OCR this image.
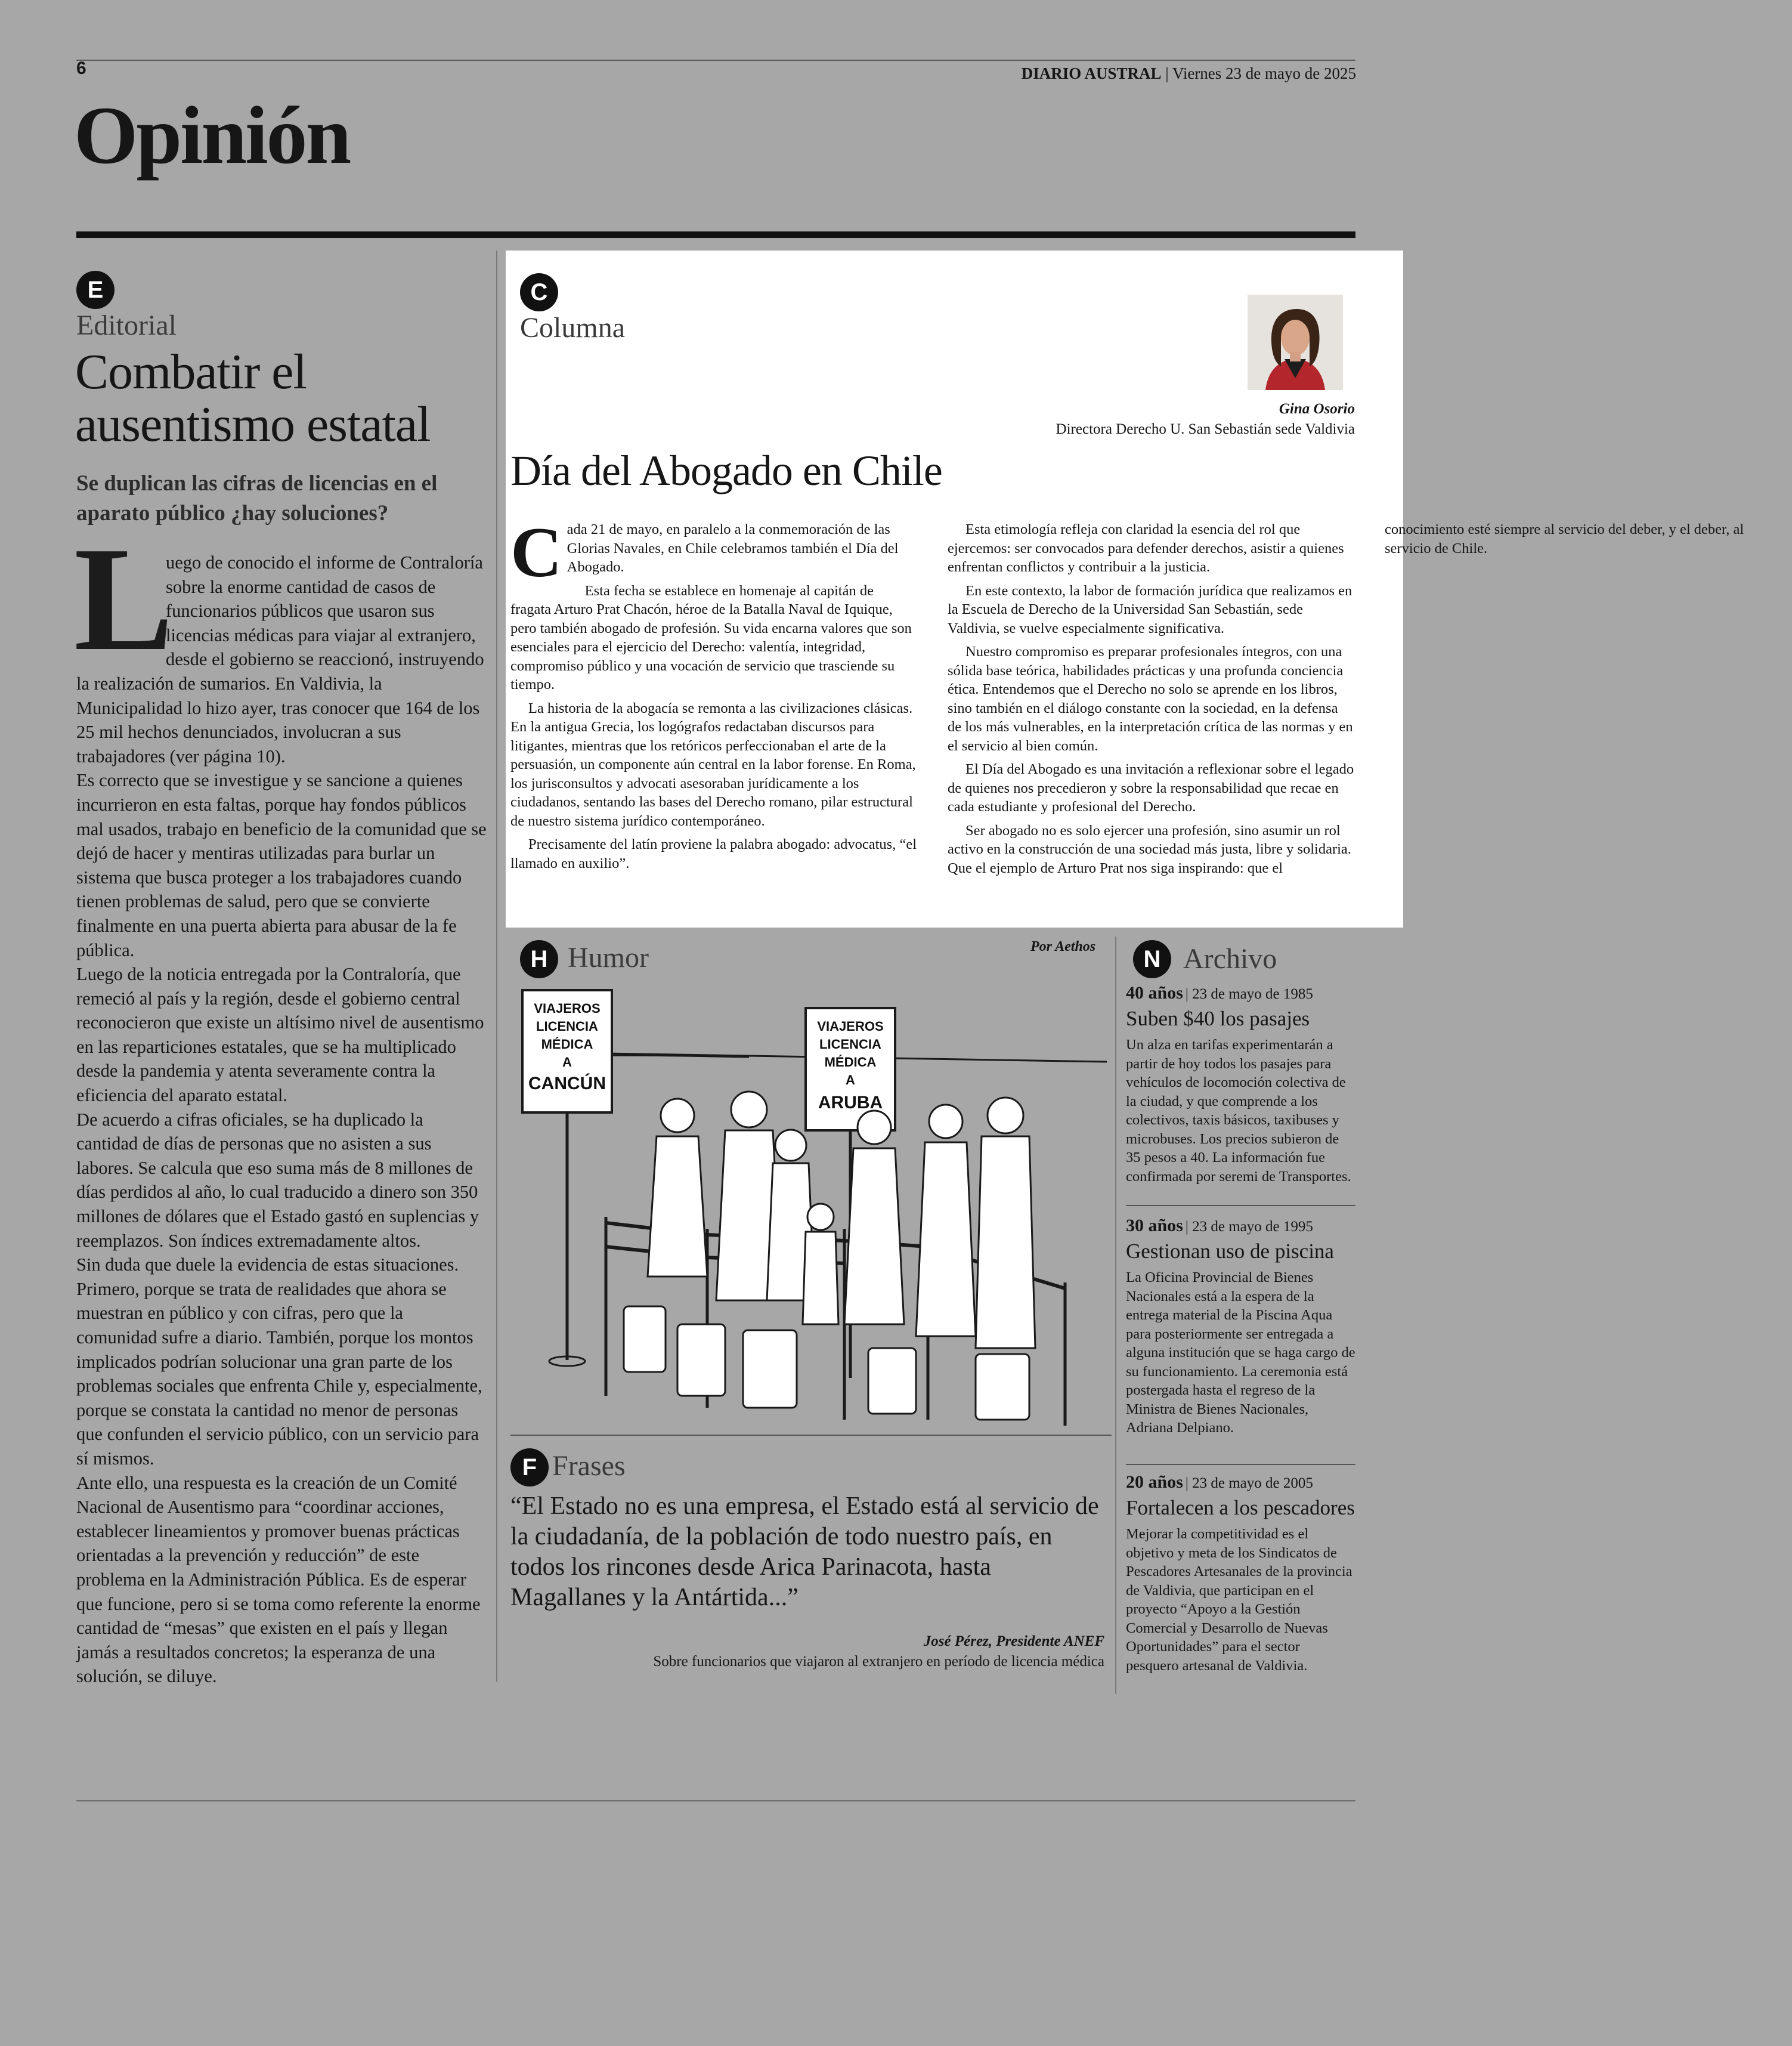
6	DIARIO AUSTRAL | Viernes 23 de mayo de 2025
Opinión
E
Editorial
Combatir el ausentismo estatal
Se duplican las cifras de licencias en el aparato público ¿hay soluciones?
L

uego de conocido el informe de Contraloría sobre la enorme cantidad de casos de funcionarios públicos que usaron sus licencias médicas para viajar al extranjero, desde el gobierno se reaccionó, instruyendo la realización de sumarios. En Valdivia, la Municipalidad lo hizo ayer, tras conocer que 164 de los 25 mil hechos denunciados, involucran a sus trabajadores (ver página 10).

Es correcto que se investigue y se sancione a quienes incurrieron en esta faltas, porque hay fondos públicos mal usados, trabajo en beneficio de la comunidad que se dejó de hacer y mentiras utilizadas para burlar un sistema que busca proteger a los trabajadores cuando tienen problemas de salud, pero que se convierte finalmente en una puerta abierta para abusar de la fe pública.

Luego de la noticia entregada por la Contraloría, que remeció al país y la región, desde el gobierno central reconocieron que existe un altísimo nivel de ausentismo en las reparticiones estatales, que se ha multiplicado desde la pandemia y atenta severamente contra la eficiencia del aparato estatal.

De acuerdo a cifras oficiales, se ha duplicado la cantidad de días de personas que no asisten a sus labores. Se calcula que eso suma más de 8 millones de días perdidos al año, lo cual traducido a dinero son 350 millones de dólares que el Estado gastó en suplencias y reemplazos. Son índices extremadamente altos.

Sin duda que duele la evidencia de estas situaciones. Primero, porque se trata de realidades que ahora se muestran en público y con cifras, pero que la comunidad sufre a diario. También, porque los montos implicados podrían solucionar una gran parte de los problemas sociales que enfrenta Chile y, especialmente, porque se constata la cantidad no menor de personas que confunden el servicio público, con un servicio para sí mismos.

Ante ello, una respuesta es la creación de un Comité Nacional de Ausentismo para “coordinar acciones, establecer lineamientos y promover buenas prácticas orientadas a la prevención y reducción” de este problema en la Administración Pública. Es de esperar que funcione, pero si se toma como referente la enorme cantidad de “mesas” que existen en el país y llegan jamás a resultados concretos; la esperanza de una solución, se diluye.

C
Columna
Gina Osorio
Directora Derecho U. San Sebastián sede Valdivia
Día del Abogado en Chile

Cada 21 de mayo, en paralelo a la conmemoración de las Glorias Navales, en Chile celebramos también el Día del Abogado.

Esta fecha se establece en homenaje al capitán de fragata Arturo Prat Chacón, héroe de la Batalla Naval de Iquique, pero también abogado de profesión. Su vida encarna valores que son esenciales para el ejercicio del Derecho: valentía, integridad, compromiso público y una vocación de servicio que trasciende su tiempo.

La historia de la abogacía se remonta a las civilizaciones clásicas. En la antigua Grecia, los logógrafos redactaban discursos para litigantes, mientras que los retóricos perfeccionaban el arte de la persuasión, un componente aún central en la labor forense. En Roma, los jurisconsultos y advocati asesoraban jurídicamente a los ciudadanos, sentando las bases del Derecho romano, pilar estructural de nuestro sistema jurídico contemporáneo.

Precisamente del latín proviene la palabra abogado: advocatus, “el llamado en auxilio”.

Esta etimología refleja con claridad la esencia del rol que ejercemos: ser convocados para defender derechos, asistir a quienes enfrentan conflictos y contribuir a la justicia.

En este contexto, la labor de formación jurídica que realizamos en la Escuela de Derecho de la Universidad San Sebastián, sede Valdivia, se vuelve especialmente significativa.

Nuestro compromiso es preparar profesionales íntegros, con una sólida base teórica, habilidades prácticas y una profunda conciencia ética. Entendemos que el Derecho no solo se aprende en los libros, sino también en el diálogo constante con la sociedad, en la defensa de los más vulnerables, en la interpretación crítica de las normas y en el servicio al bien común.

El Día del Abogado es una invitación a reflexionar sobre el legado de quienes nos precedieron y sobre la responsabilidad que recae en cada estudiante y profesional del Derecho.

Ser abogado no es solo ejercer una profesión, sino asumir un rol activo en la construcción de una sociedad más justa, libre y solidaria. Que el ejemplo de Arturo Prat nos siga inspirando: que el conocimiento esté siempre al servicio del deber, y el deber, al servicio de Chile.

H Humor	Por Aethos
VIAJEROS
LICENCIA
MÉDICA
A
CANCÚN
VIAJEROS
LICENCIA
MÉDICA
A
ARUBA
F Frases
“El Estado no es una empresa, el Estado está al servicio de la ciudadanía, de la población de todo nuestro país, en todos los rincones desde Arica Parinacota, hasta Magallanes y la Antártida...”
José Pérez, Presidente ANEF
Sobre funcionarios que viajaron al extranjero en período de licencia médica
N Archivo
40 años | 23 de mayo de 1985
Suben $40 los pasajes
Un alza en tarifas experimentarán a partir de hoy todos los pasajes para vehículos de locomoción colectiva de la ciudad, y que comprende a los colectivos, taxis básicos, taxibuses y microbuses. Los precios subieron de 35 pesos a 40. La información fue confirmada por seremi de Transportes.
30 años | 23 de mayo de 1995
Gestionan uso de piscina
La Oficina Provincial de Bienes Nacionales está a la espera de la entrega material de la Piscina Aqua para posteriormente ser entregada a alguna institución que se haga cargo de su funcionamiento. La ceremonia está postergada hasta el regreso de la Ministra de Bienes Nacionales, Adriana Delpiano.
20 años | 23 de mayo de 2005
Fortalecen a los pescadores
Mejorar la competitividad es el objetivo y meta de los Sindicatos de Pescadores Artesanales de la provincia de Valdivia, que participan en el proyecto “Apoyo a la Gestión Comercial y Desarrollo de Nuevas Oportunidades” para el sector pesquero artesanal de Valdivia.
